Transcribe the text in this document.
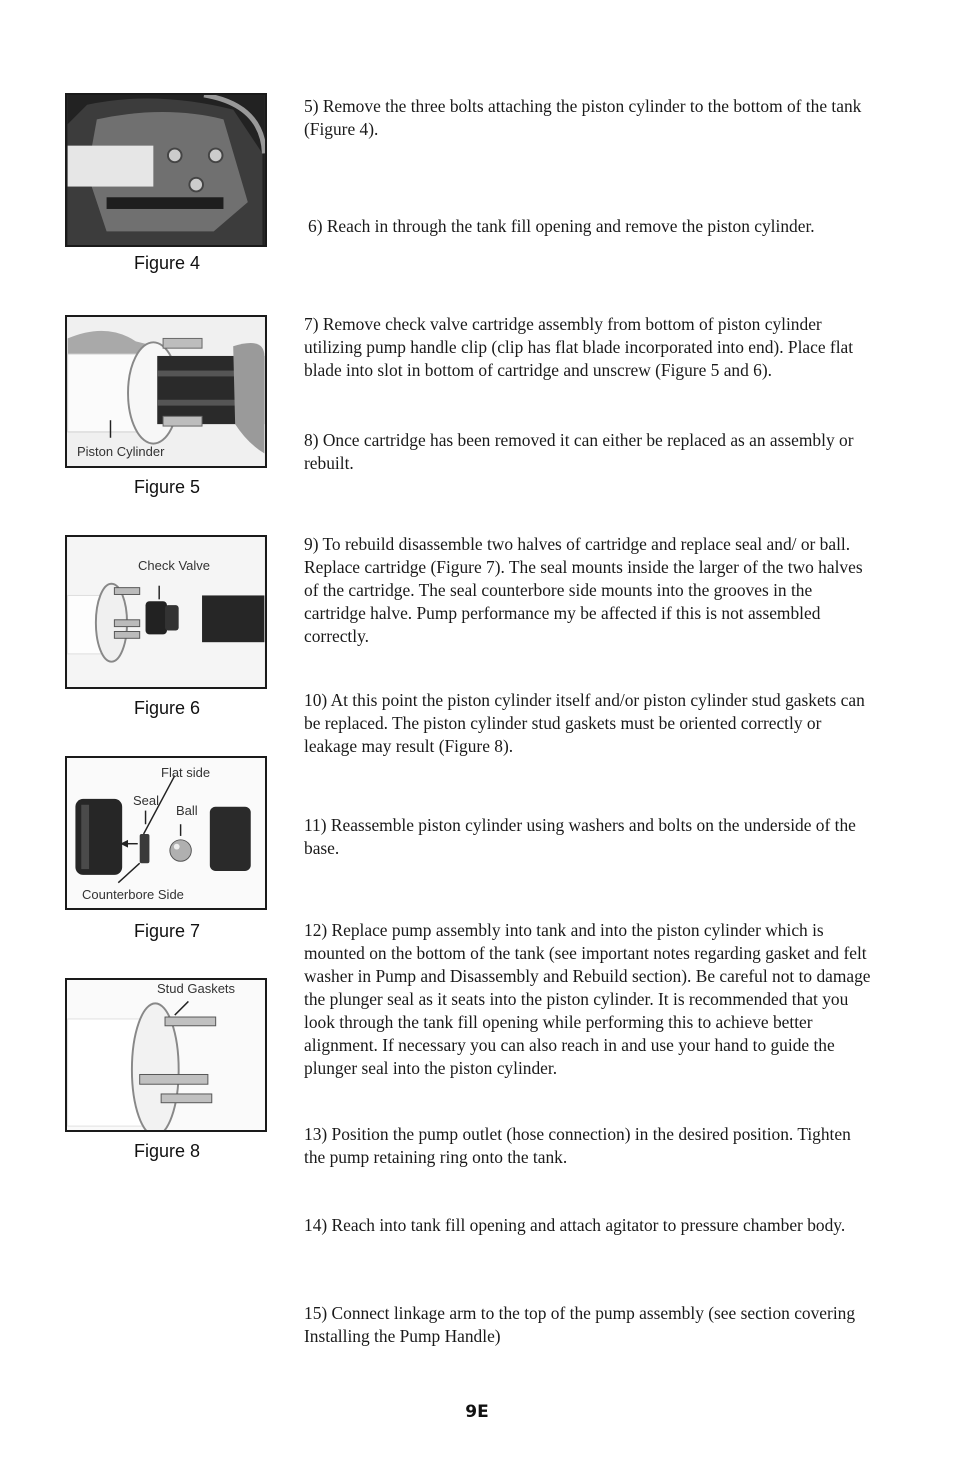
Figure 4
Piston Cylinder
Figure 5
Check Valve
Figure 6
Flat side
Seal
Ball
Counterbore Side
Figure 7
Stud Gaskets
Figure 8

5) Remove the three bolts attaching the piston cylinder to the bottom of the tank (Figure 4).

6) Reach in through the tank fill opening and remove the piston cylinder.

7) Remove check valve cartridge assembly from bottom of piston cylinder utilizing pump handle clip (clip has flat blade incorporated into end). Place flat blade into slot in bottom of cartridge and unscrew (Figure 5 and 6).

8) Once cartridge has been removed it can either be replaced as an assembly or rebuilt.

9) To rebuild disassemble two halves of cartridge and replace seal and/ or ball. Replace cartridge (Figure 7). The seal mounts inside the larger of the two halves of the cartridge. The seal counterbore side mounts into the grooves in the cartridge halve. Pump performance my be affected if this is not assembled correctly.

10) At this point the piston cylinder itself and/or piston cylinder stud gaskets can be replaced. The piston cylinder stud gaskets must be oriented correctly or leakage may result (Figure 8).

11) Reassemble piston cylinder using washers and bolts on the underside of the base.

12) Replace pump assembly into tank and into the piston cylinder which is mounted on the bottom of the tank (see important notes regarding gasket and felt washer in Pump and Disassembly and Rebuild section). Be careful not to damage the plunger seal as it seats into the piston cylinder. It is recommended that you look through the tank fill opening while performing this to achieve better alignment. If necessary you can also reach in and use your hand to guide the plunger seal into the piston cylinder.

13) Position the pump outlet (hose connection) in the desired position. Tighten the pump retaining ring onto the tank.

14) Reach into tank fill opening and attach agitator to pressure chamber body.

15) Connect linkage arm to the top of the pump assembly (see section covering Installing the Pump Handle)

9E
